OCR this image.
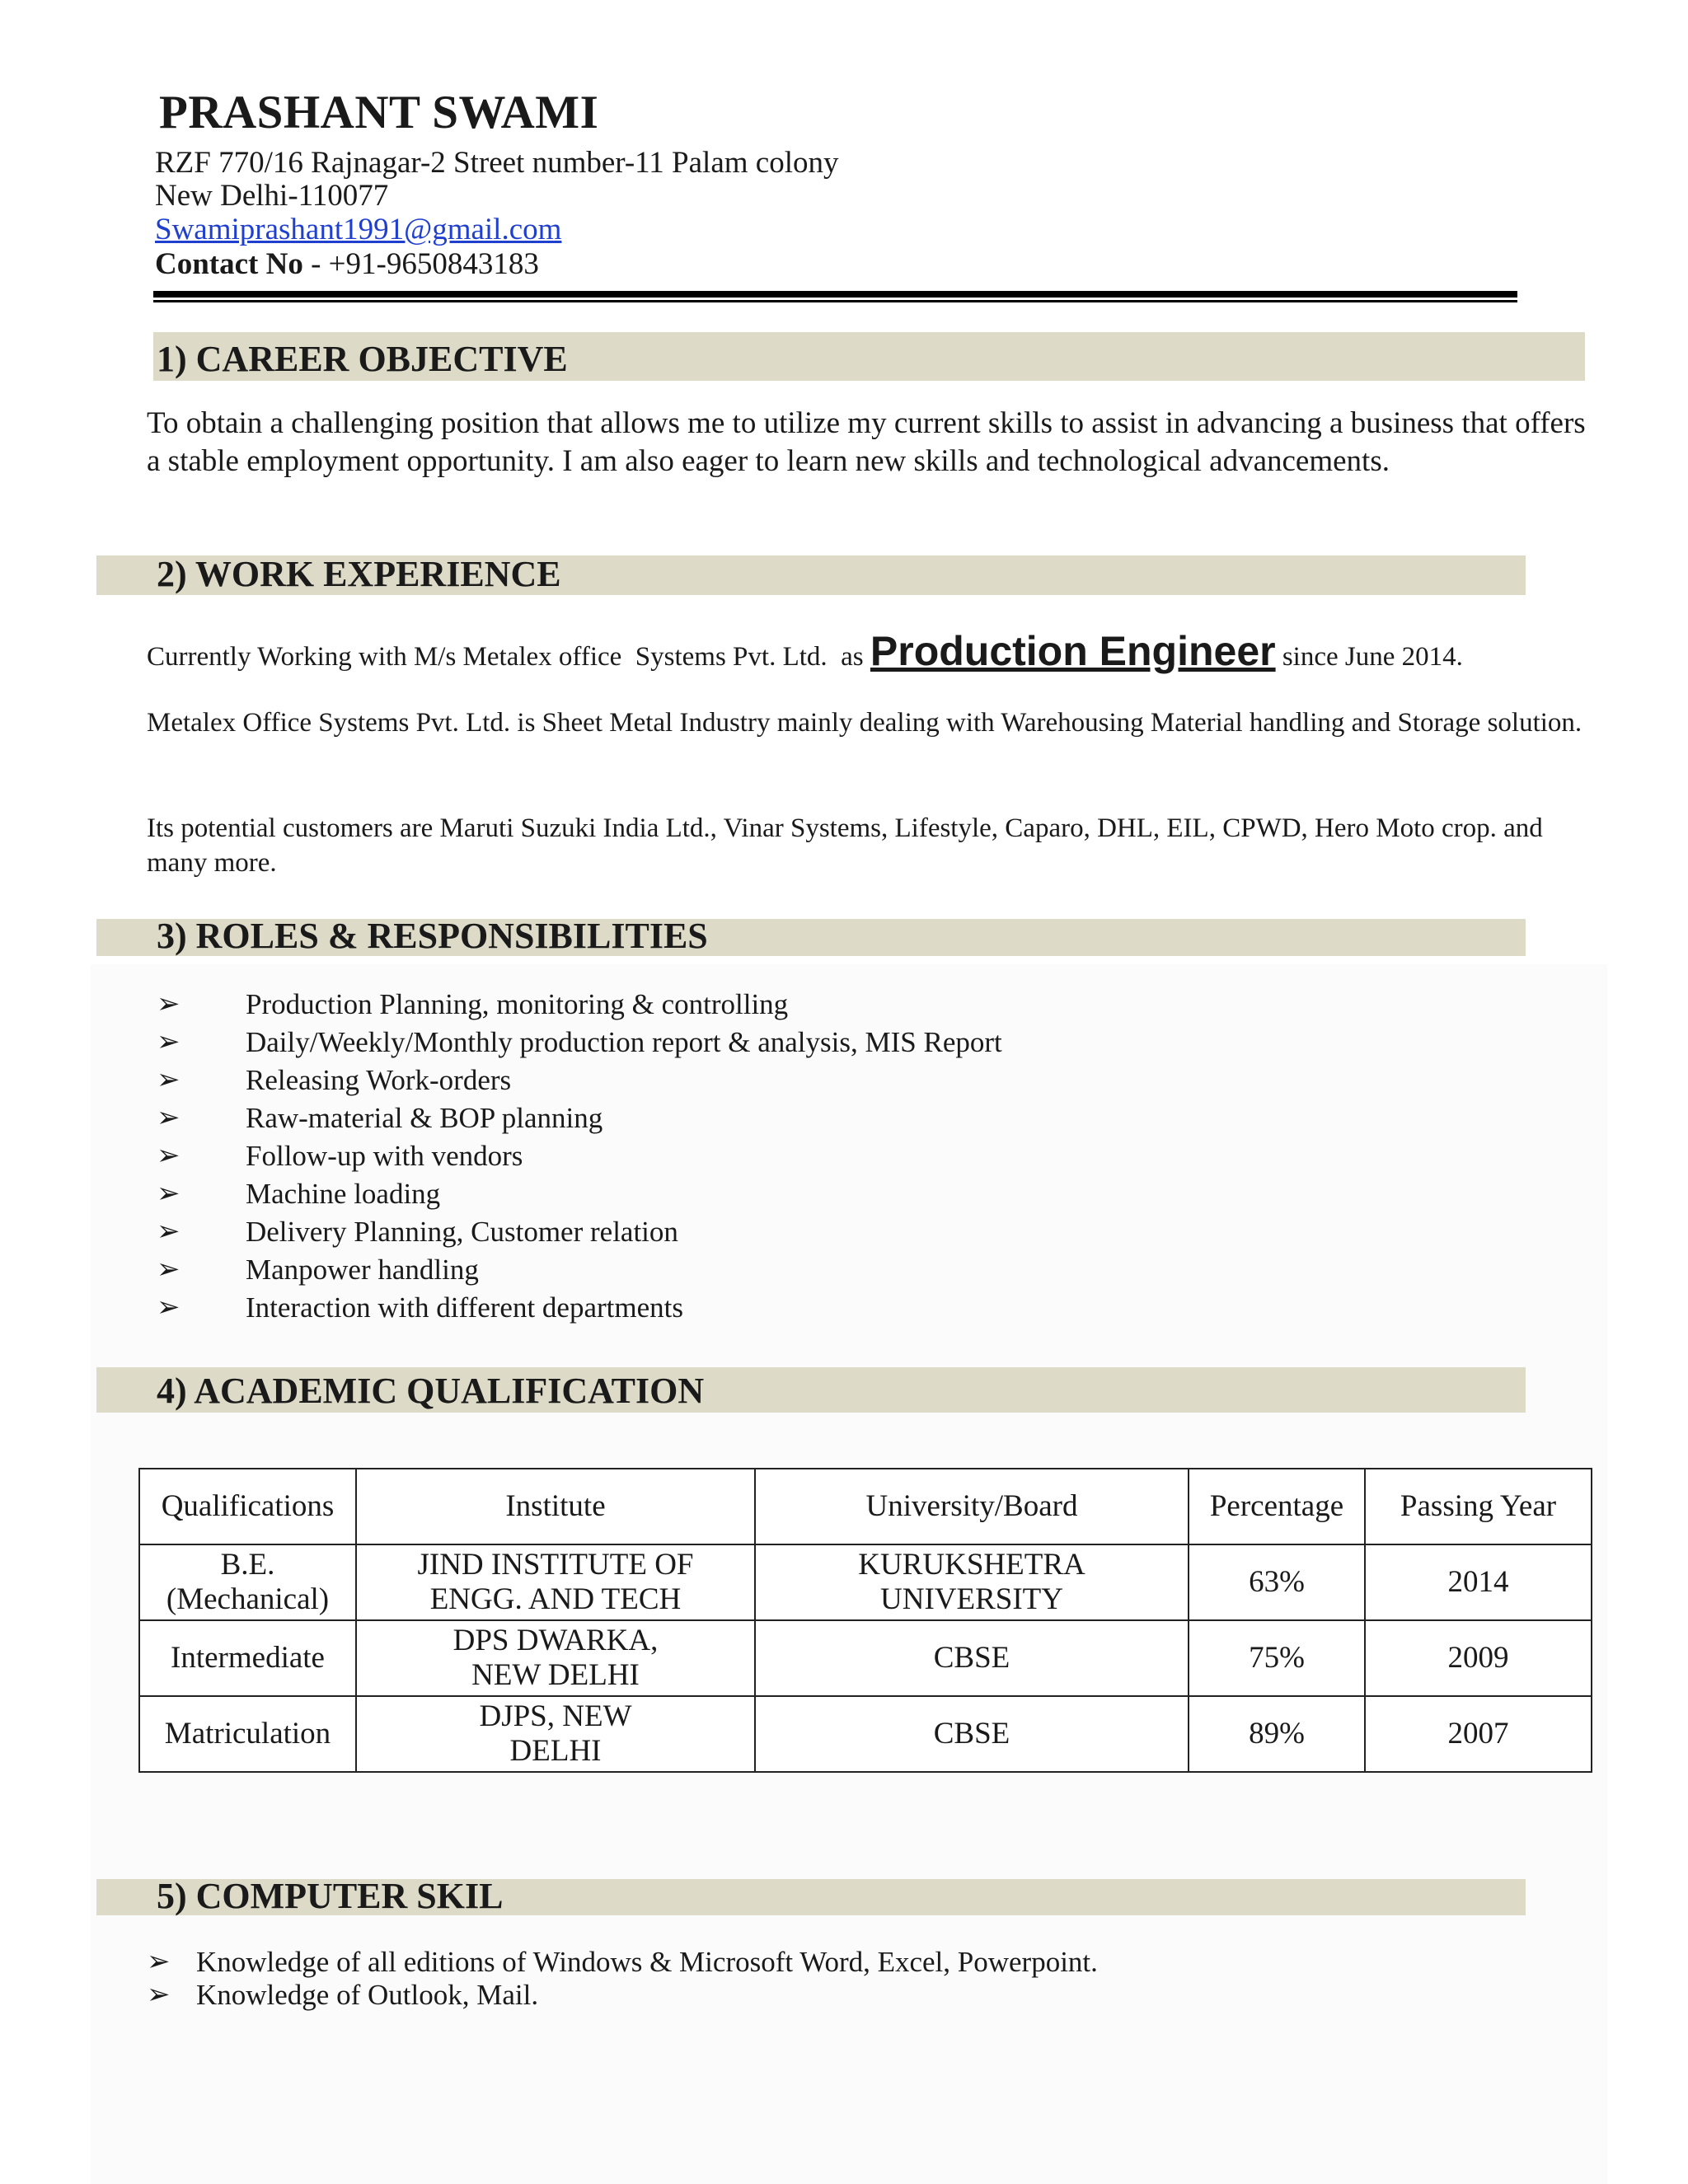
PRASHANT SWAMI
RZF 770/16 Rajnagar-2 Street number-11 Palam colony
New Delhi-110077
Swamiprashant1991@gmail.com
Contact No - +91-9650843183
1) CAREER OBJECTIVE
To obtain a challenging position that allows me to utilize my current skills to assist in advancing a business that offers a stable employment opportunity. I am also eager to learn new skills and technological advancements.
2) WORK EXPERIENCE
Currently Working with M/s Metalex office  Systems Pvt. Ltd.  as Production Engineer since June 2014.
Metalex Office Systems Pvt. Ltd. is Sheet Metal Industry mainly dealing with Warehousing Material handling and Storage solution.
Its potential customers are Maruti Suzuki India Ltd., Vinar Systems, Lifestyle, Caparo, DHL, EIL, CPWD, Hero Moto crop. and many more.
3) ROLES & RESPONSIBILITIES
➢ Production Planning, monitoring & controlling
➢ Daily/Weekly/Monthly production report & analysis, MIS Report
➢ Releasing Work-orders
➢ Raw-material & BOP planning
➢ Follow-up with vendors
➢ Machine loading
➢ Delivery Planning, Customer relation
➢ Manpower handling
➢ Interaction with different departments
4) ACADEMIC QUALIFICATION
Qualifications	Institute	University/Board	Percentage	Passing Year
B.E. (Mechanical)	JIND INSTITUTE OF ENGG. AND TECH	KURUKSHETRA UNIVERSITY	63%	2014
Intermediate	DPS DWARKA, NEW DELHI	CBSE	75%	2009
Matriculation	DJPS, NEW DELHI	CBSE	89%	2007
5) COMPUTER SKIL
➢ Knowledge of all editions of Windows & Microsoft Word, Excel, Powerpoint.
➢ Knowledge of Outlook, Mail.
